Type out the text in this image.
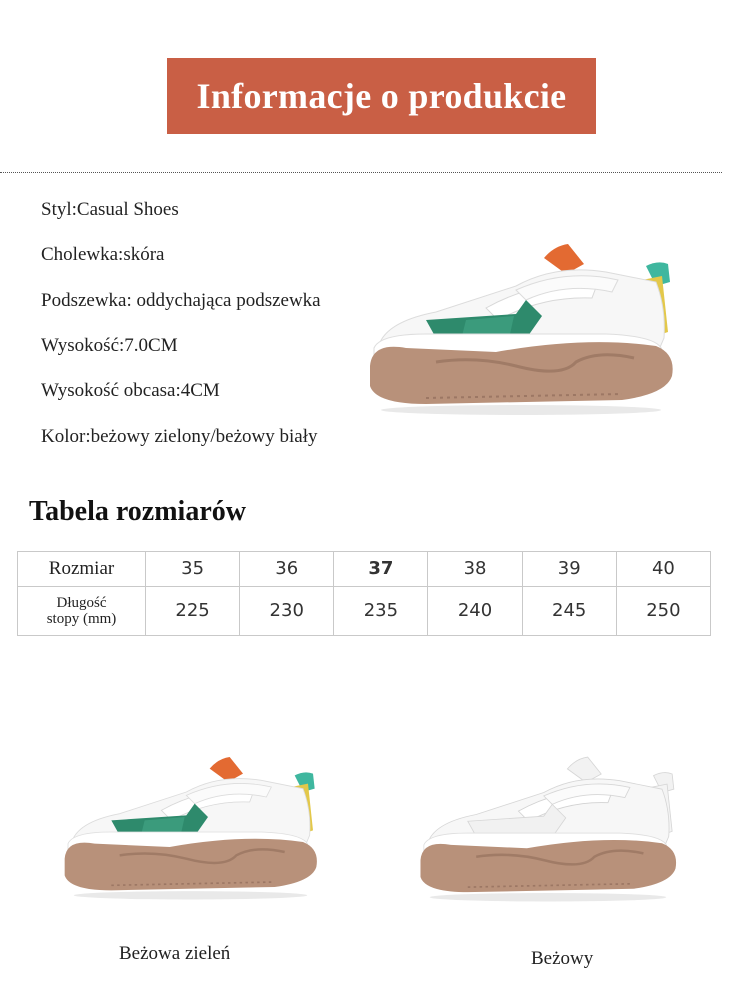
Informacje o produkcie
Styl:Casual Shoes
Cholewka:skóra
Podszewka: oddychająca podszewka
Wysokość:7.0CM
Wysokość obcasa:4CM
Kolor:beżowy zielony/beżowy biały
Tabela rozmiarów
Rozmiar	35	36	37	38	39	40

Długość
stopy (mm)	225	230	235	240	245	250
Beżowa zieleń	Beżowy
